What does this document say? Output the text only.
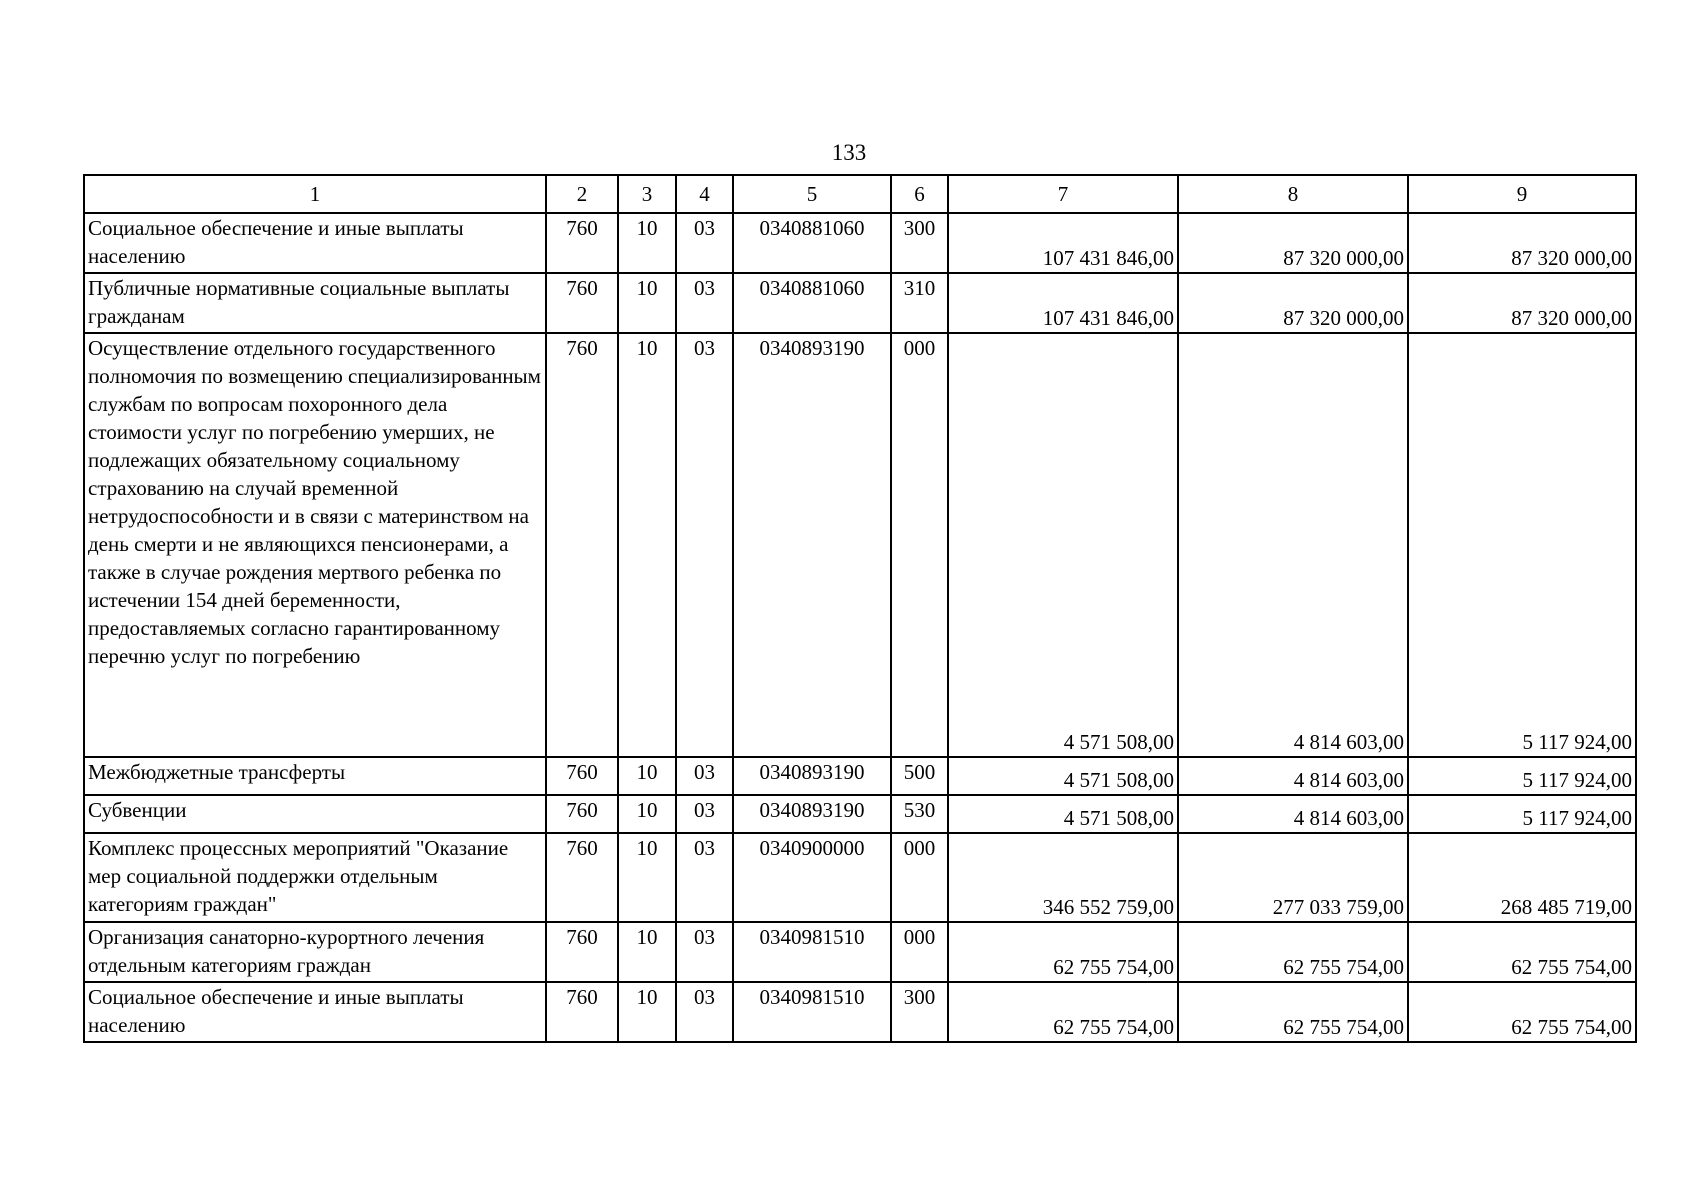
133
1	2	3	4	5	6	7	8	9
Социальное обеспечение и иные выплаты населению	760	10	03	0340881060	300	107 431 846,00	87 320 000,00	87 320 000,00
Публичные нормативные социальные выплаты гражданам	760	10	03	0340881060	310	107 431 846,00	87 320 000,00	87 320 000,00
Осуществление отдельного государственного полномочия по возмещению специализированным службам по вопросам похоронного дела стоимости услуг по погребению умерших, не подлежащих обязательному социальному страхованию на случай временной нетрудоспособности и в связи с материнством на день смерти и не являющихся пенсионерами, а также в случае рождения мертвого ребенка по истечении 154 дней беременности, предоставляемых согласно гарантированному перечню услуг по погребению	760	10	03	0340893190	000	4 571 508,00	4 814 603,00	5 117 924,00
Межбюджетные трансферты	760	10	03	0340893190	500	4 571 508,00	4 814 603,00	5 117 924,00
Субвенции	760	10	03	0340893190	530	4 571 508,00	4 814 603,00	5 117 924,00
Комплекс процессных мероприятий "Оказание мер социальной поддержки отдельным категориям граждан"	760	10	03	0340900000	000	346 552 759,00	277 033 759,00	268 485 719,00
Организация санаторно-курортного лечения отдельным категориям граждан	760	10	03	0340981510	000	62 755 754,00	62 755 754,00	62 755 754,00
Социальное обеспечение и иные выплаты населению	760	10	03	0340981510	300	62 755 754,00	62 755 754,00	62 755 754,00
